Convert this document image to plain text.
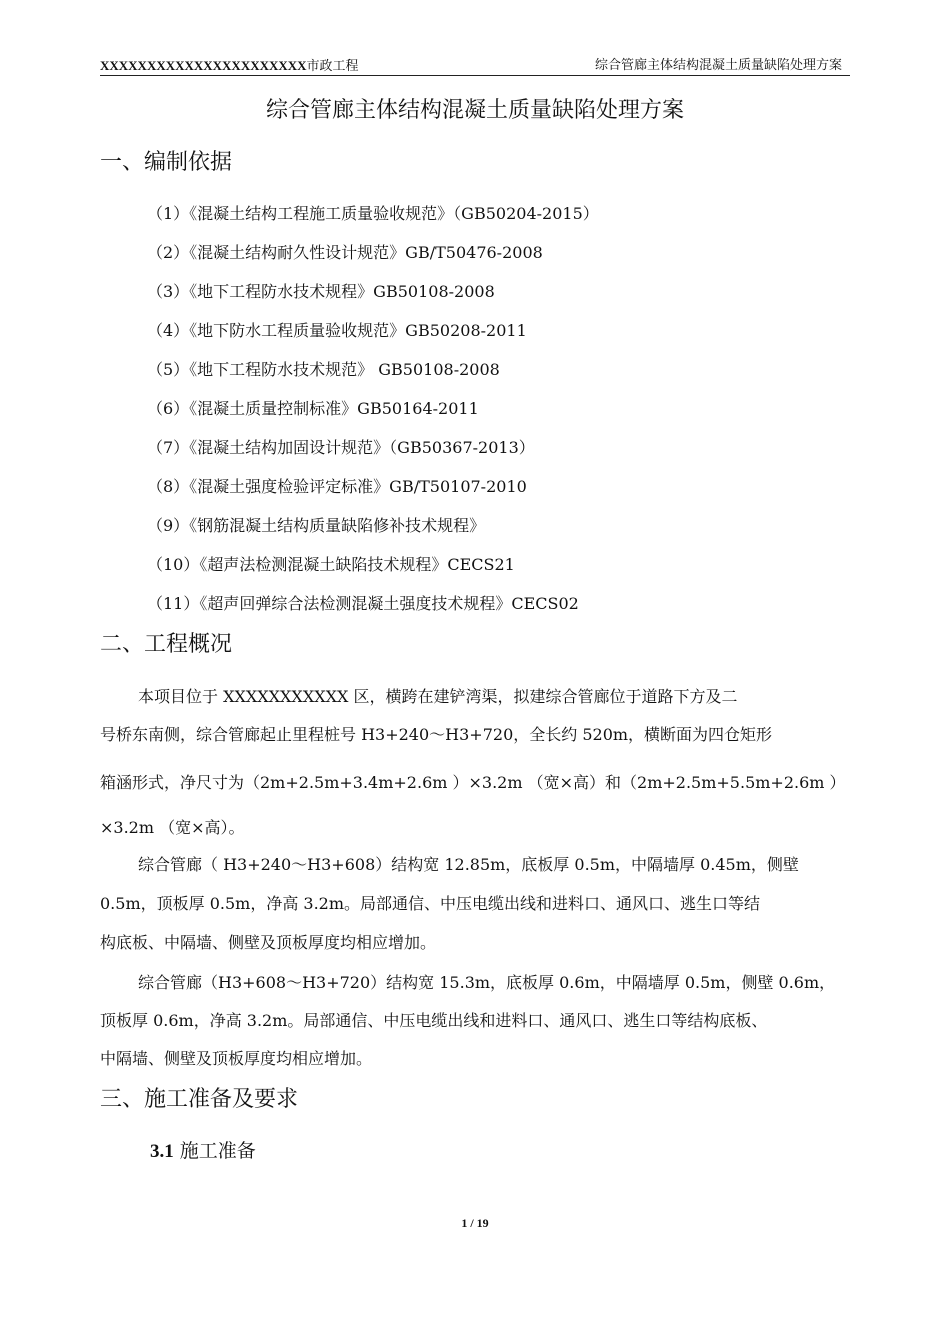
XXXXXXXXXXXXXXXXXXXXXX市政工程	综合管廊主体结构混凝土质量缺陷处理方案
综合管廊主体结构混凝土质量缺陷处理方案
一、编制依据
（1）《混凝土结构工程施工质量验收规范》（GB50204-2015）
（2）《混凝土结构耐久性设计规范》GB/T50476-2008
（3）《地下工程防水技术规程》GB50108-2008
（4）《地下防水工程质量验收规范》GB50208-2011
（5）《地下工程防水技术规范》 GB50108-2008
（6）《混凝土质量控制标准》GB50164-2011
（7）《混凝土结构加固设计规范》（GB50367-2013）
（8）《混凝土强度检验评定标准》GB/T50107-2010
（9）《钢筋混凝土结构质量缺陷修补技术规程》
（10）《超声法检测混凝土缺陷技术规程》CECS21
（11）《超声回弹综合法检测混凝土强度技术规程》CECS02
二、工程概况
本项目位于 XXXXXXXXXXX 区，横跨在建铲湾渠，拟建综合管廊位于道路下方及二
号桥东南侧，综合管廊起止里程桩号 H3+240～H3+720，全长约 520m，横断面为四仓矩形
箱涵形式，净尺寸为（2m+2.5m+3.4m+2.6m ）×3.2m （宽×高）和（2m+2.5m+5.5m+2.6m ）
×3.2m （宽×高）。
综合管廊（ H3+240～H3+608）结构宽 12.85m，底板厚 0.5m，中隔墙厚 0.45m，侧壁
0.5m，顶板厚 0.5m，净高 3.2m。局部通信、中压电缆出线和进料口、通风口、逃生口等结
构底板、中隔墙、侧壁及顶板厚度均相应增加。
综合管廊（H3+608～H3+720）结构宽 15.3m，底板厚 0.6m，中隔墙厚 0.5m，侧壁 0.6m，
顶板厚 0.6m，净高 3.2m。局部通信、中压电缆出线和进料口、通风口、逃生口等结构底板、
中隔墙、侧壁及顶板厚度均相应增加。
三、施工准备及要求
3.1 施工准备
1 / 19
